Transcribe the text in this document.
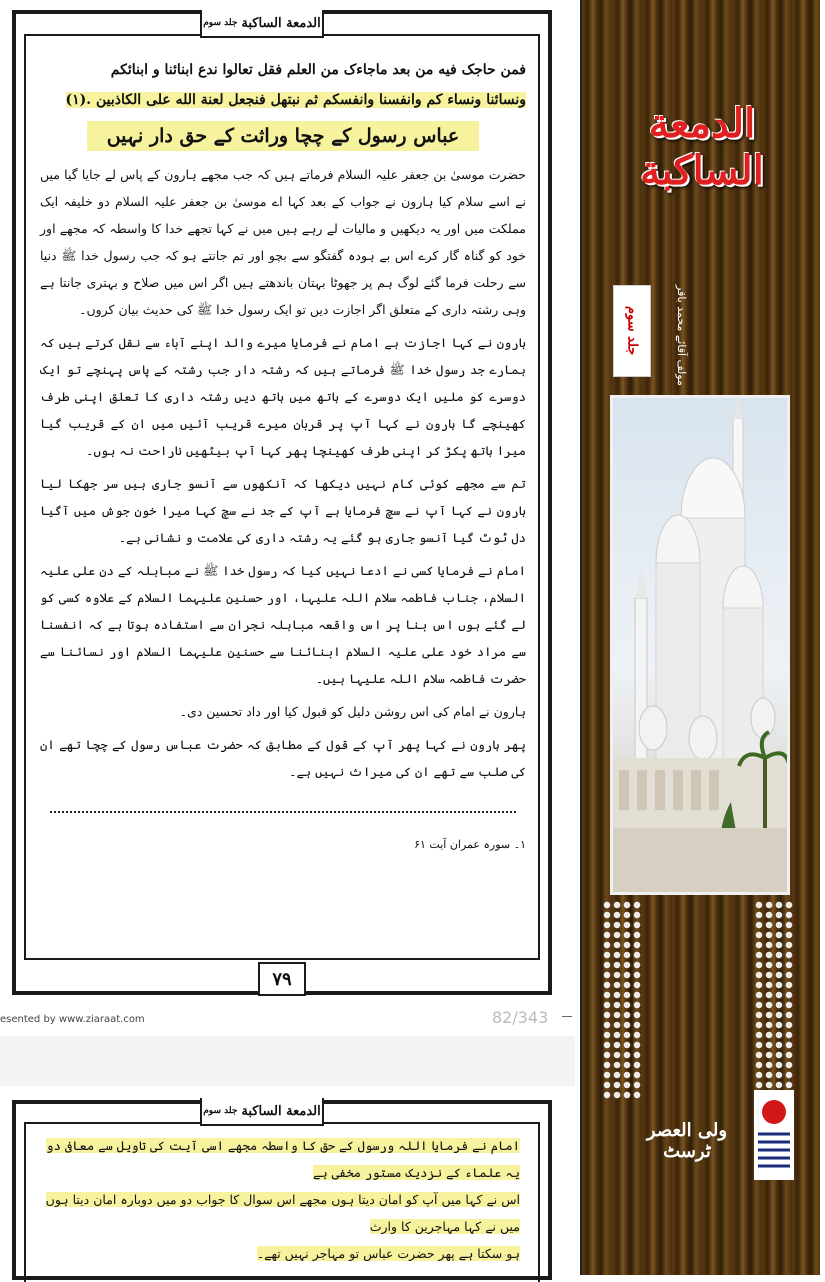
جلد سوم الدمعة الساكبة

فمن حاجک فیه من بعد ماجاءک من العلم فقل تعالوا ندع ابنائنا و ابنائکم

ونسائنا ونساء کم وانفسنا وانفسکم ثم نبتهل فنجعل لعنة الله علی الکاذبین .(۱)

عباس رسول کے چچا وراثت کے حق دار نہیں

حضرت موسیٰ بن جعفر علیہ السلام فرماتے ہیں کہ جب مجھے ہارون کے پاس لے جایا گیا میں نے اسے سلام کیا ہارون نے جواب کے بعد کہا اے موسیٰ بن جعفر علیہ السلام دو خلیفہ ایک مملکت میں اور یہ دیکھیں و مالیات لے رہے ہیں میں نے کہا تجھے خدا کا واسطہ کہ مجھے اور خود کو گناہ گار کرے اس بے ہودہ گفتگو سے بچو اور تم جانتے ہو کہ جب رسول خدا ﷺ دنیا سے رحلت فرما گئے لوگ ہم پر جھوٹا بہتان باندھتے ہیں اگر اس میں صلاح و بہتری جانتا ہے وہی رشتہ داری کے متعلق اگر اجازت دیں تو ایک رسول خدا ﷺ کی حدیث بیان کروں۔

ہارون نے کہا اجازت ہے امام نے فرمایا میرے والد اپنے آباء سے نقل کرتے ہیں کہ ہمارے جد رسول خدا ﷺ فرماتے ہیں کہ رشتہ دار جب رشتہ کے پاس پہنچے تو ایک دوسرے کو ملیں ایک دوسرے کے ہاتھ میں ہاتھ دیں رشتہ داری کا تعلق اپنی طرف کھینچے گا ہارون نے کہا آپ پر قربان میرے قریب آئیں میں ان کے قریب گیا میرا ہاتھ پکڑ کر اپنی طرف کھینچا پھر کہا آپ بیٹھیں ناراحت نہ ہوں۔

تم سے مجھے کوئی کام نہیں دیکھا کہ آنکھوں سے آنسو جاری ہیں سر جھکا لیا ہارون نے کہا آپ نے سچ فرمایا ہے آپ کے جد نے سچ کہا میرا خون جوش میں آگیا دل ٹوٹ گیا آنسو جاری ہو گئے یہ رشتہ داری کی علامت و نشانی ہے۔

امام نے فرمایا کسی نے ادعا نہیں کیا کہ رسول خدا ﷺ نے مباہلہ کے دن علی علیہ السلام، جناب فاطمہ سلام اللہ علیہا، اور حسنین علیہما السلام کے علاوہ کسی کو لے گئے ہوں اس بنا پر اس واقعہ مباہلہ نجران سے استفادہ ہوتا ہے کہ انفسنا سے مراد خود علی علیہ السلام ابنائنا سے حسنین علیہما السلام اور نسائنا سے حضرت فاطمہ سلام اللہ علیہا ہیں۔

ہارون نے امام کی اس روشن دلیل کو قبول کیا اور داد تحسین دی۔

پھر ہارون نے کہا پھر آپ کے قول کے مطابق کہ حضرت عباس رسول کے چچا تھے ان کی صلب سے تھے ان کی میراث نہیں ہے۔

۱۔ سورہ عمران آیت ۶۱

۷۹
esented by www.ziaraat.com	82/343
جلد سوم الدمعة الساكبة

امام نے فرمایا اللہ ورسول کے حق کا واسطہ مجھے اسی آیت کی تاویل سے معافی دو یہ علماء کے نزدیک مستور مخفی ہے

اس نے کہا میں آپ کو امان دیتا ہوں مجھے اس سوال کا جواب دو میں دوبارہ امان دیتا ہوں میں نے کہا مہاجرین کا وارث

ہو سکتا ہے پھر حضرت عباس تو مہاجر نہیں تھے۔

الدمعة الساكبة
جلد سوم	مولف آقائے محمد باقر
ولی العصر ٹرسٹ
